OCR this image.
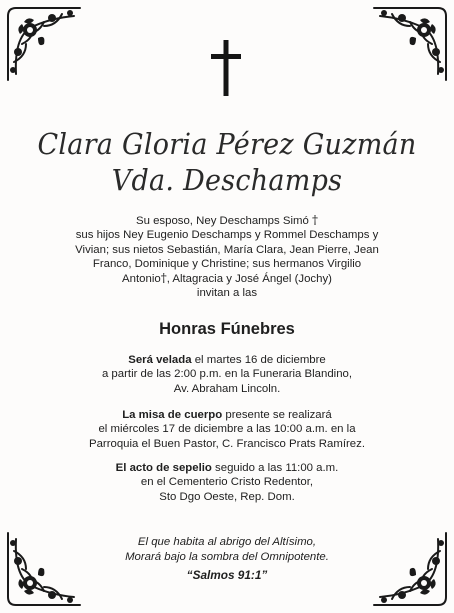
Clara Gloria Pérez Guzmán
Vda. Deschamps
Su esposo, Ney Deschamps Simó †
sus hijos Ney Eugenio Deschamps y Rommel Deschamps y
Vivian; sus nietos Sebastián, María Clara, Jean Pierre, Jean
Franco, Dominique y Christine; sus hermanos Virgilio
Antonio†, Altagracia y José Ángel (Jochy)
invitan a las
Honras Fúnebres
Será velada el martes 16 de diciembre
a partir de las 2:00 p.m. en la Funeraria Blandino,
Av. Abraham Lincoln.
La misa de cuerpo presente se realizará
el miércoles 17 de diciembre a las 10:00 a.m. en la
Parroquia el Buen Pastor, C. Francisco Prats Ramírez.
El acto de sepelio seguido a las 11:00 a.m.
en el Cementerio Cristo Redentor,
Sto Dgo Oeste, Rep. Dom.
El que habita al abrigo del Altísimo,
Morará bajo la sombra del Omnipotente.
“Salmos 91:1”
